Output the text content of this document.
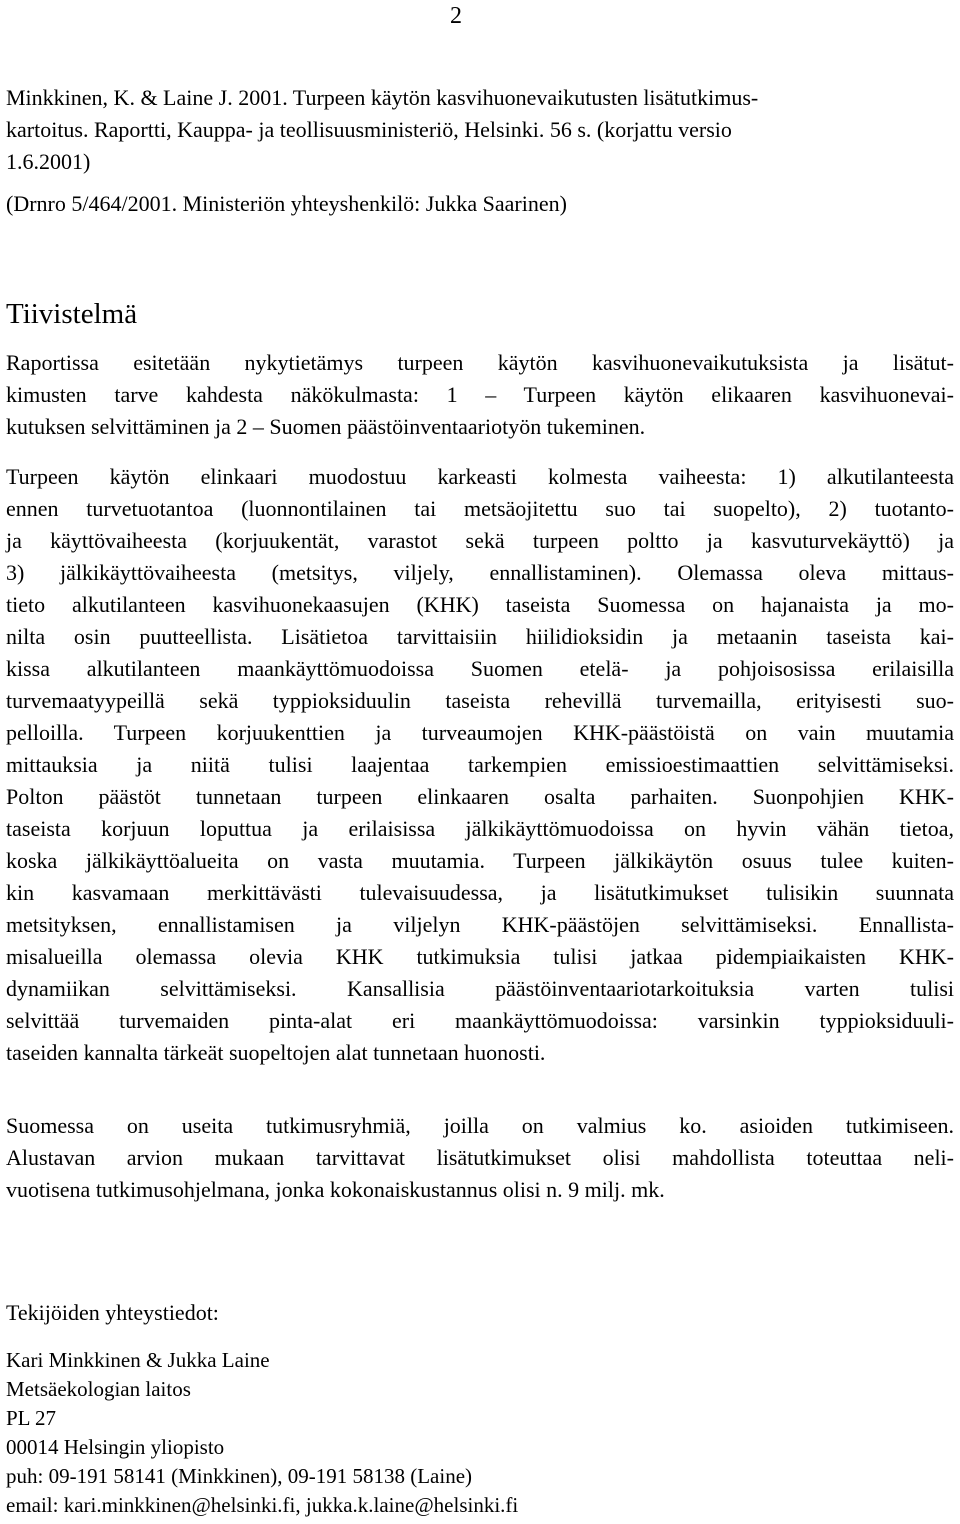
2
Minkkinen, K. & Laine J. 2001. Turpeen käytön kasvihuonevaikutusten lisätutkimus-
kartoitus. Raportti, Kauppa- ja teollisuusministeriö, Helsinki. 56 s. (korjattu versio
1.6.2001)
(Drnro 5/464/2001. Ministeriön yhteyshenkilö: Jukka Saarinen)
Tiivistelmä
Raportissa esitetään nykytietämys turpeen käytön kasvihuonevaikutuksista ja lisätut-
kimusten tarve kahdesta näkökulmasta: 1 – Turpeen käytön elikaaren kasvihuonevai-
kutuksen selvittäminen ja 2 – Suomen päästöinventaariotyön tukeminen.
Turpeen käytön elinkaari muodostuu karkeasti kolmesta vaiheesta: 1) alkutilanteesta
ennen turvetuotantoa (luonnontilainen tai metsäojitettu suo tai suopelto), 2) tuotanto-
ja käyttövaiheesta (korjuukentät, varastot sekä turpeen poltto ja kasvuturvekäyttö) ja
3) jälkikäyttövaiheesta (metsitys, viljely, ennallistaminen). Olemassa oleva mittaus-
tieto alkutilanteen kasvihuonekaasujen (KHK) taseista Suomessa on hajanaista ja mo-
nilta osin puutteellista. Lisätietoa tarvittaisiin hiilidioksidin ja metaanin taseista kai-
kissa alkutilanteen maankäyttömuodoissa Suomen etelä- ja pohjoisosissa erilaisilla
turvemaatyypeillä sekä typpioksiduulin taseista rehevillä turvemailla, erityisesti suo-
pelloilla. Turpeen korjuukenttien ja turveaumojen KHK-päästöistä on vain muutamia
mittauksia ja niitä tulisi laajentaa tarkempien emissioestimaattien selvittämiseksi.
Polton päästöt tunnetaan turpeen elinkaaren osalta parhaiten. Suonpohjien KHK-
taseista korjuun loputtua ja erilaisissa jälkikäyttömuodoissa on hyvin vähän tietoa,
koska jälkikäyttöalueita on vasta muutamia. Turpeen jälkikäytön osuus tulee kuiten-
kin kasvamaan merkittävästi tulevaisuudessa, ja lisätutkimukset tulisikin suunnata
metsityksen, ennallistamisen ja viljelyn KHK-päästöjen selvittämiseksi. Ennallista-
misalueilla olemassa olevia KHK tutkimuksia tulisi jatkaa pidempiaikaisten KHK-
dynamiikan selvittämiseksi. Kansallisia päästöinventaariotarkoituksia varten tulisi
selvittää turvemaiden pinta-alat eri maankäyttömuodoissa: varsinkin typpioksiduuli-
taseiden kannalta tärkeät suopeltojen alat tunnetaan huonosti.
Suomessa on useita tutkimusryhmiä, joilla on valmius ko. asioiden tutkimiseen.
Alustavan arvion mukaan tarvittavat lisätutkimukset olisi mahdollista toteuttaa neli-
vuotisena tutkimusohjelmana, jonka kokonaiskustannus olisi n. 9 milj. mk.
Tekijöiden yhteystiedot:
Kari Minkkinen & Jukka Laine
Metsäekologian laitos
PL 27
00014 Helsingin yliopisto
puh: 09-191 58141 (Minkkinen), 09-191 58138 (Laine)
email: kari.minkkinen@helsinki.fi, jukka.k.laine@helsinki.fi
